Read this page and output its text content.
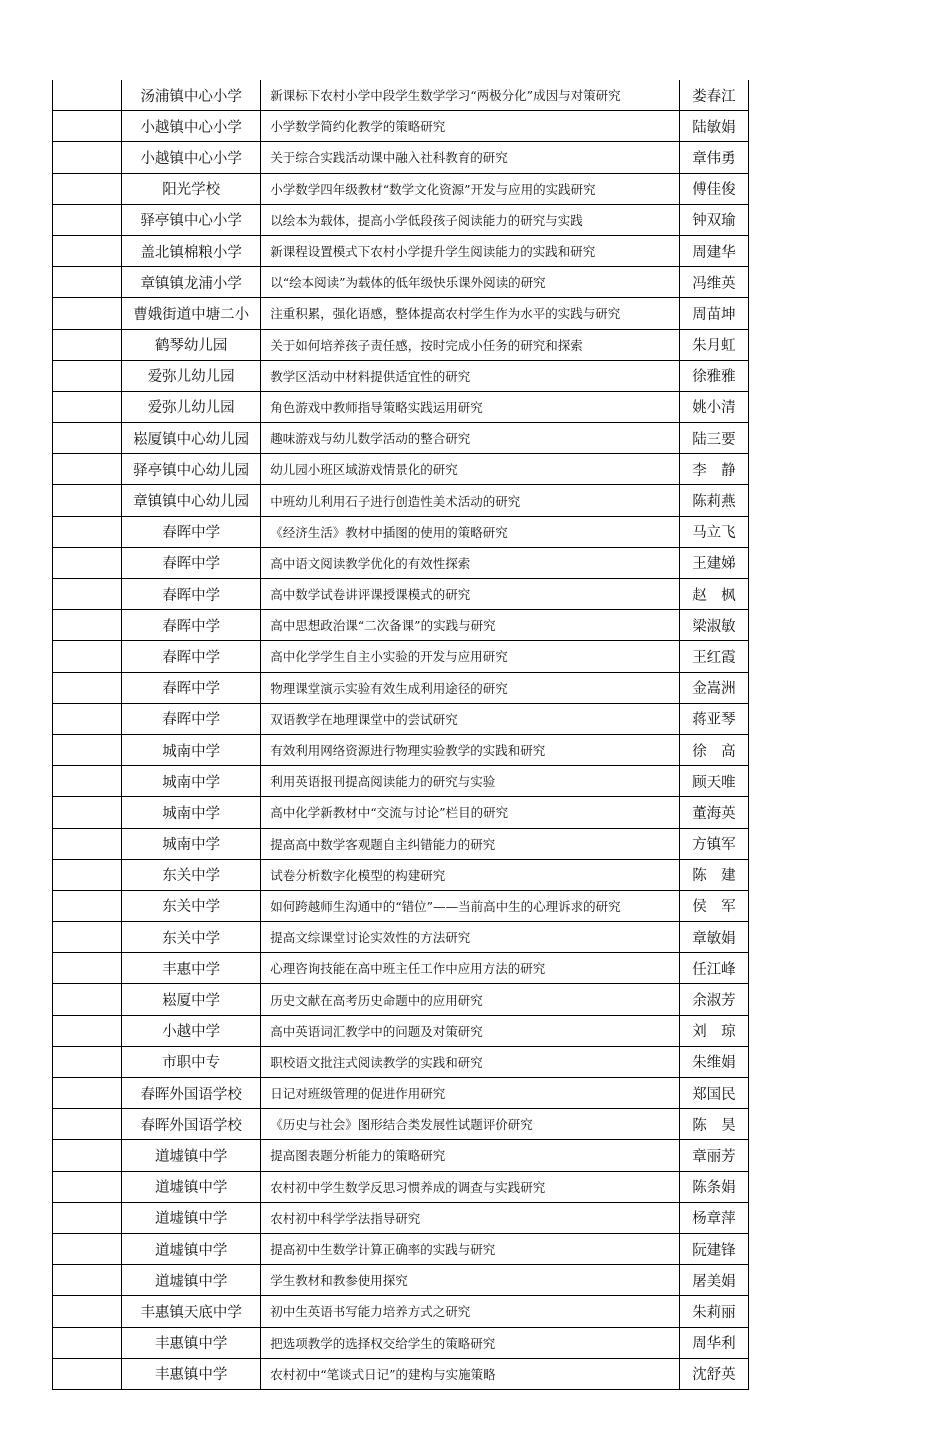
	汤浦镇中心小学	新课标下农村小学中段学生数学学习“两极分化”成因与对策研究	娄春江
	小越镇中心小学	小学数学简约化教学的策略研究	陆敏娟
	小越镇中心小学	关于综合实践活动课中融入社科教育的研究	章伟勇
	阳光学校	小学数学四年级教材“数学文化资源”开发与应用的实践研究	傅佳俊
	驿亭镇中心小学	以绘本为载体，提高小学低段孩子阅读能力的研究与实践	钟双瑜
	盖北镇棉粮小学	新课程设置模式下农村小学提升学生阅读能力的实践和研究	周建华
	章镇镇龙浦小学	以“绘本阅读”为载体的低年级快乐课外阅读的研究	冯维英
	曹娥街道中塘二小	注重积累，强化语感，整体提高农村学生作为水平的实践与研究	周苗坤
	鹤琴幼儿园	关于如何培养孩子责任感，按时完成小任务的研究和探索	朱月虹
	爱弥儿幼儿园	教学区活动中材料提供适宜性的研究	徐雅雅
	爱弥儿幼儿园	角色游戏中教师指导策略实践运用研究	姚小清
	崧厦镇中心幼儿园	趣味游戏与幼儿数学活动的整合研究	陆三要
	驿亭镇中心幼儿园	幼儿园小班区域游戏情景化的研究	李　静
	章镇镇中心幼儿园	中班幼儿利用石子进行创造性美术活动的研究	陈莉燕
	春晖中学	《经济生活》教材中插图的使用的策略研究	马立飞
	春晖中学	高中语文阅读教学优化的有效性探索	王建娣
	春晖中学	高中数学试卷讲评课授课模式的研究	赵　枫
	春晖中学	高中思想政治课“二次备课”的实践与研究	梁淑敏
	春晖中学	高中化学学生自主小实验的开发与应用研究	王红霞
	春晖中学	物理课堂演示实验有效生成利用途径的研究	金嵩洲
	春晖中学	双语教学在地理课堂中的尝试研究	蒋亚琴
	城南中学	有效利用网络资源进行物理实验教学的实践和研究	徐　高
	城南中学	利用英语报刊提高阅读能力的研究与实验	顾天唯
	城南中学	高中化学新教材中“交流与讨论”栏目的研究	董海英
	城南中学	提高高中数学客观题自主纠错能力的研究	方镇军
	东关中学	试卷分析数字化模型的构建研究	陈　建
	东关中学	如何跨越师生沟通中的“错位”——当前高中生的心理诉求的研究	侯　军
	东关中学	提高文综课堂讨论实效性的方法研究	章敏娟
	丰惠中学	心理咨询技能在高中班主任工作中应用方法的研究	任江峰
	崧厦中学	历史文献在高考历史命题中的应用研究	余淑芳
	小越中学	高中英语词汇教学中的问题及对策研究	刘　琼
	市职中专	职校语文批注式阅读教学的实践和研究	朱维娟
	春晖外国语学校	日记对班级管理的促进作用研究	郑国民
	春晖外国语学校	《历史与社会》图形结合类发展性试题评价研究	陈　昊
	道墟镇中学	提高图表题分析能力的策略研究	章丽芳
	道墟镇中学	农村初中学生数学反思习惯养成的调查与实践研究	陈条娟
	道墟镇中学	农村初中科学学法指导研究	杨章萍
	道墟镇中学	提高初中生数学计算正确率的实践与研究	阮建锋
	道墟镇中学	学生教材和教参使用探究	屠美娟
	丰惠镇天底中学	初中生英语书写能力培养方式之研究	朱莉丽
	丰惠镇中学	把选项教学的选择权交给学生的策略研究	周华利
	丰惠镇中学	农村初中“笔谈式日记”的建构与实施策略	沈舒英
